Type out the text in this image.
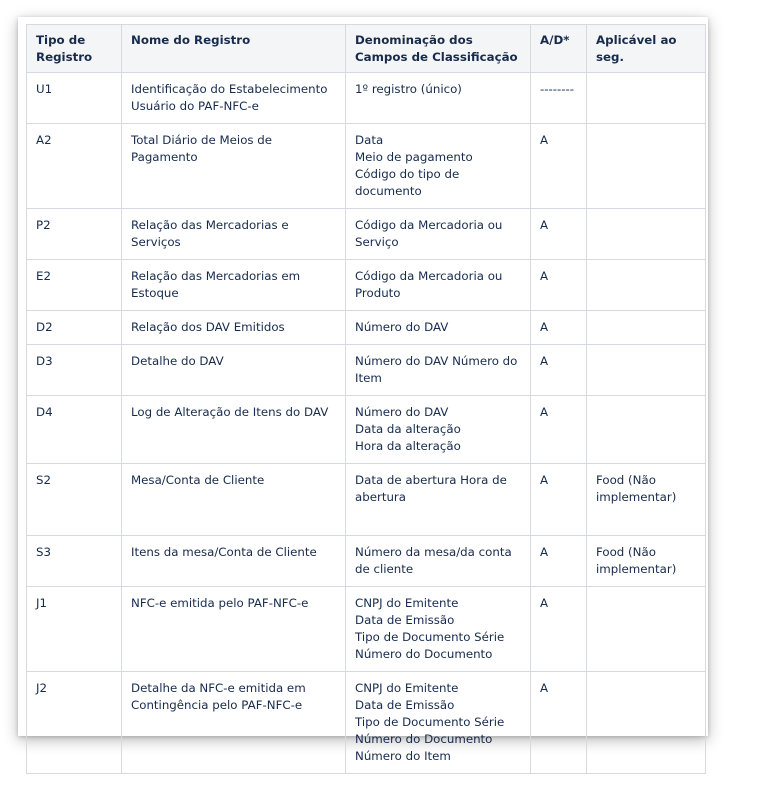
Tipo de Registro	Nome do Registro	Denominação dos Campos de Classificação	A/D*	Aplicável ao seg.
U1	Identificação do Estabelecimento Usuário do PAF-NFC-e	1º registro (único)	--------	
A2	Total Diário de Meios de Pagamento	Data
Meio de pagamento
Código do tipo de documento	A	
P2	Relação das Mercadorias e Serviços	Código da Mercadoria ou Serviço	A	
E2	Relação das Mercadorias em Estoque	Código da Mercadoria ou Produto	A	
D2	Relação dos DAV Emitidos	Número do DAV	A	
D3	Detalhe do DAV	Número do DAV Número do Item	A	
D4	Log de Alteração de Itens do DAV	Número do DAV
Data da alteração
Hora da alteração	A	
S2	Mesa/Conta de Cliente	Data de abertura Hora de abertura	A	Food (Não implementar)
S3	Itens da mesa/Conta de Cliente	Número da mesa/da conta de cliente	A	Food (Não implementar)
J1	NFC-e emitida pelo PAF-NFC-e	CNPJ do Emitente
Data de Emissão
Tipo de Documento Série
Número do Documento	A	
J2	Detalhe da NFC-e emitida em Contingência pelo PAF-NFC-e	CNPJ do Emitente
Data de Emissão
Tipo de Documento Série
Número do Documento
Número do Item	A	
